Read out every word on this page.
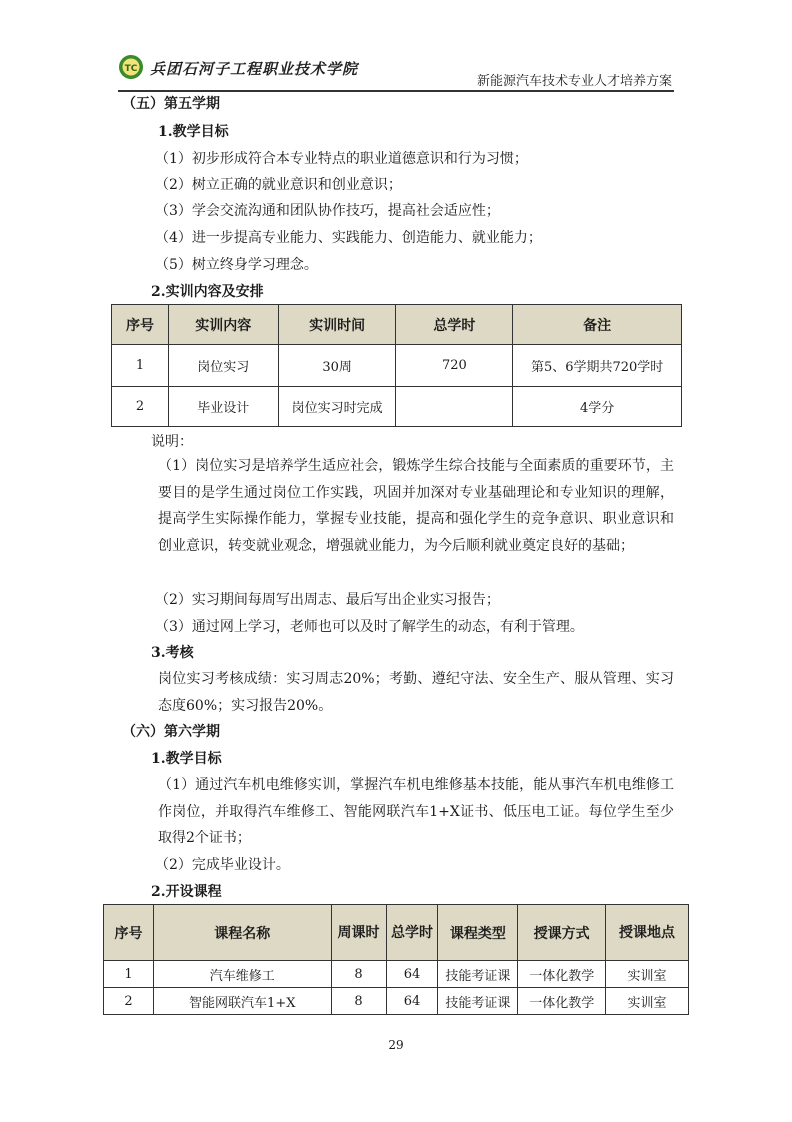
TC 兵团石河子工程职业技术学院
新能源汽车技术专业人才培养方案
（五）第五学期
1.教学目标
（1）初步形成符合本专业特点的职业道德意识和行为习惯；
（2）树立正确的就业意识和创业意识；
（3）学会交流沟通和团队协作技巧，提高社会适应性；
（4）进一步提高专业能力、实践能力、创造能力、就业能力；
（5）树立终身学习理念。
2.实训内容及安排
序号	实训内容	实训时间	总学时	备注
1	岗位实习	30周	720	第5、6学期共720学时
2	毕业设计	岗位实习时完成		4学分
说明：
（1）岗位实习是培养学生适应社会，锻炼学生综合技能与全面素质的重要环节，主要目的是学生通过岗位工作实践，巩固并加深对专业基础理论和专业知识的理解，提高学生实际操作能力，掌握专业技能，提高和强化学生的竞争意识、职业意识和创业意识，转变就业观念，增强就业能力，为今后顺利就业奠定良好的基础；
（2）实习期间每周写出周志、最后写出企业实习报告；
（3）通过网上学习，老师也可以及时了解学生的动态，有利于管理。
3.考核
岗位实习考核成绩：实习周志20%；考勤、遵纪守法、安全生产、服从管理、实习态度60%；实习报告20%。
（六）第六学期
1.教学目标
（1）通过汽车机电维修实训，掌握汽车机电维修基本技能，能从事汽车机电维修工作岗位，并取得汽车维修工、智能网联汽车1+X证书、低压电工证。每位学生至少取得2个证书；
（2）完成毕业设计。
2.开设课程
序号	课程名称	周课时	总学时	课程类型	授课方式	授课地点
1	汽车维修工	8	64	技能考证课	一体化教学	实训室
2	智能网联汽车1+X	8	64	技能考证课	一体化教学	实训室
29
